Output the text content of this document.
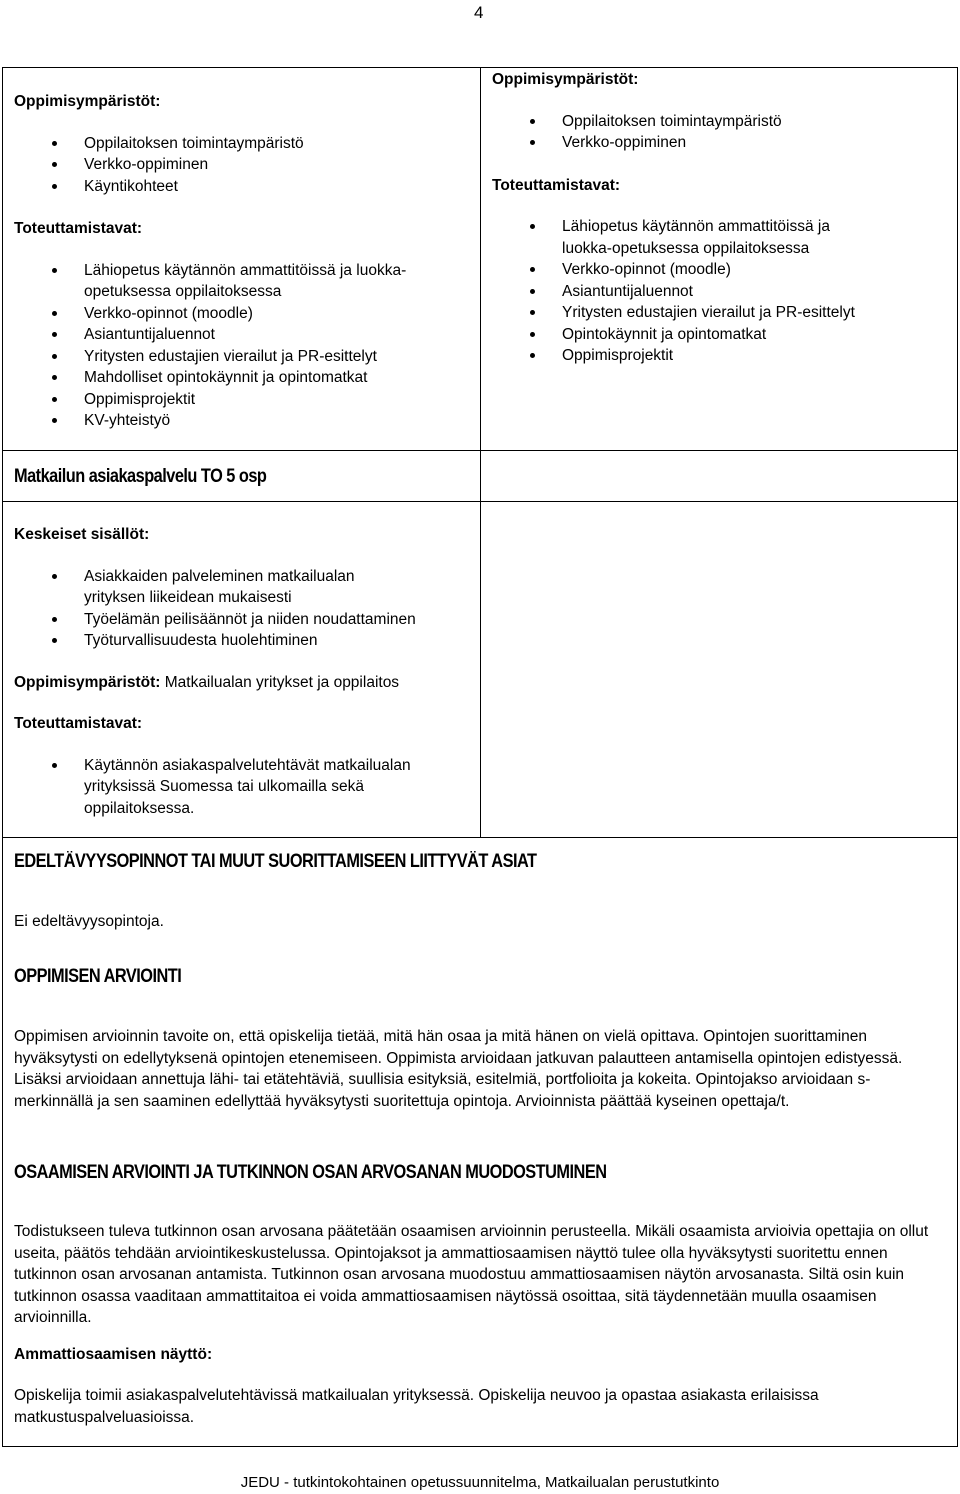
4
Oppimisympäristöt:
Oppilaitoksen toimintaympäristö
Verkko-oppiminen
Käyntikohteet
Toteuttamistavat:
Lähiopetus käytännön ammattitöissä ja luokka-opetuksessa oppilaitoksessa
Verkko-opinnot (moodle)
Asiantuntijaluennot
Yritysten edustajien vierailut ja PR-esittelyt
Mahdolliset opintokäynnit ja opintomatkat
Oppimisprojektit
KV-yhteistyö
Oppimisympäristöt:
Oppilaitoksen toimintaympäristö
Verkko-oppiminen
Toteuttamistavat:
Lähiopetus käytännön ammattitöissä ja luokka-opetuksessa oppilaitoksessa
Verkko-opinnot (moodle)
Asiantuntijaluennot
Yritysten edustajien vierailut ja PR-esittelyt
Opintokäynnit ja opintomatkat
Oppimisprojektit
Matkailun asiakaspalvelu TO 5 osp
Keskeiset sisällöt:
Asiakkaiden palveleminen matkailualan yrityksen liikeidean mukaisesti
Työelämän peilisäännöt ja niiden noudattaminen
Työturvallisuudesta huolehtiminen
Oppimisympäristöt: Matkailualan yritykset ja oppilaitos
Toteuttamistavat:
Käytännön asiakaspalvelutehtävät matkailualan yrityksissä Suomessa tai ulkomailla sekä oppilaitoksessa.
EDELTÄVYYSOPINNOT TAI MUUT SUORITTAMISEEN LIITTYVÄT ASIAT
Ei edeltävyysopintoja.
OPPIMISEN ARVIOINTI
Oppimisen arvioinnin tavoite on, että opiskelija tietää, mitä hän osaa ja mitä hänen on vielä opittava. Opintojen suorittaminen hyväksytysti on edellytyksenä opintojen etenemiseen. Oppimista arvioidaan jatkuvan palautteen antamisella opintojen edistyessä. Lisäksi arvioidaan annettuja lähi- tai etätehtäviä, suullisia esityksiä, esitelmiä, portfolioita ja kokeita. Opintojakso arvioidaan s-merkinnällä ja sen saaminen edellyttää hyväksytysti suoritettuja opintoja. Arvioinnista päättää kyseinen opettaja/t.
OSAAMISEN ARVIOINTI JA TUTKINNON OSAN ARVOSANAN MUODOSTUMINEN
Todistukseen tuleva tutkinnon osan arvosana päätetään osaamisen arvioinnin perusteella. Mikäli osaamista arvioivia opettajia on ollut useita, päätös tehdään arviointikeskustelussa. Opintojaksot ja ammattiosaamisen näyttö tulee olla hyväksytysti suoritettu ennen tutkinnon osan arvosanan antamista. Tutkinnon osan arvosana muodostuu ammattiosaamisen näytön arvosanasta. Siltä osin kuin tutkinnon osassa vaaditaan ammattitaitoa ei voida ammattiosaamisen näytössä osoittaa, sitä täydennetään muulla osaamisen arvioinnilla.
Ammattiosaamisen näyttö:
Opiskelija toimii asiakaspalvelutehtävissä matkailualan yrityksessä. Opiskelija neuvoo ja opastaa asiakasta erilaisissa matkustuspalveluasioissa.
JEDU - tutkintokohtainen opetussuunnitelma, Matkailualan perustutkinto
